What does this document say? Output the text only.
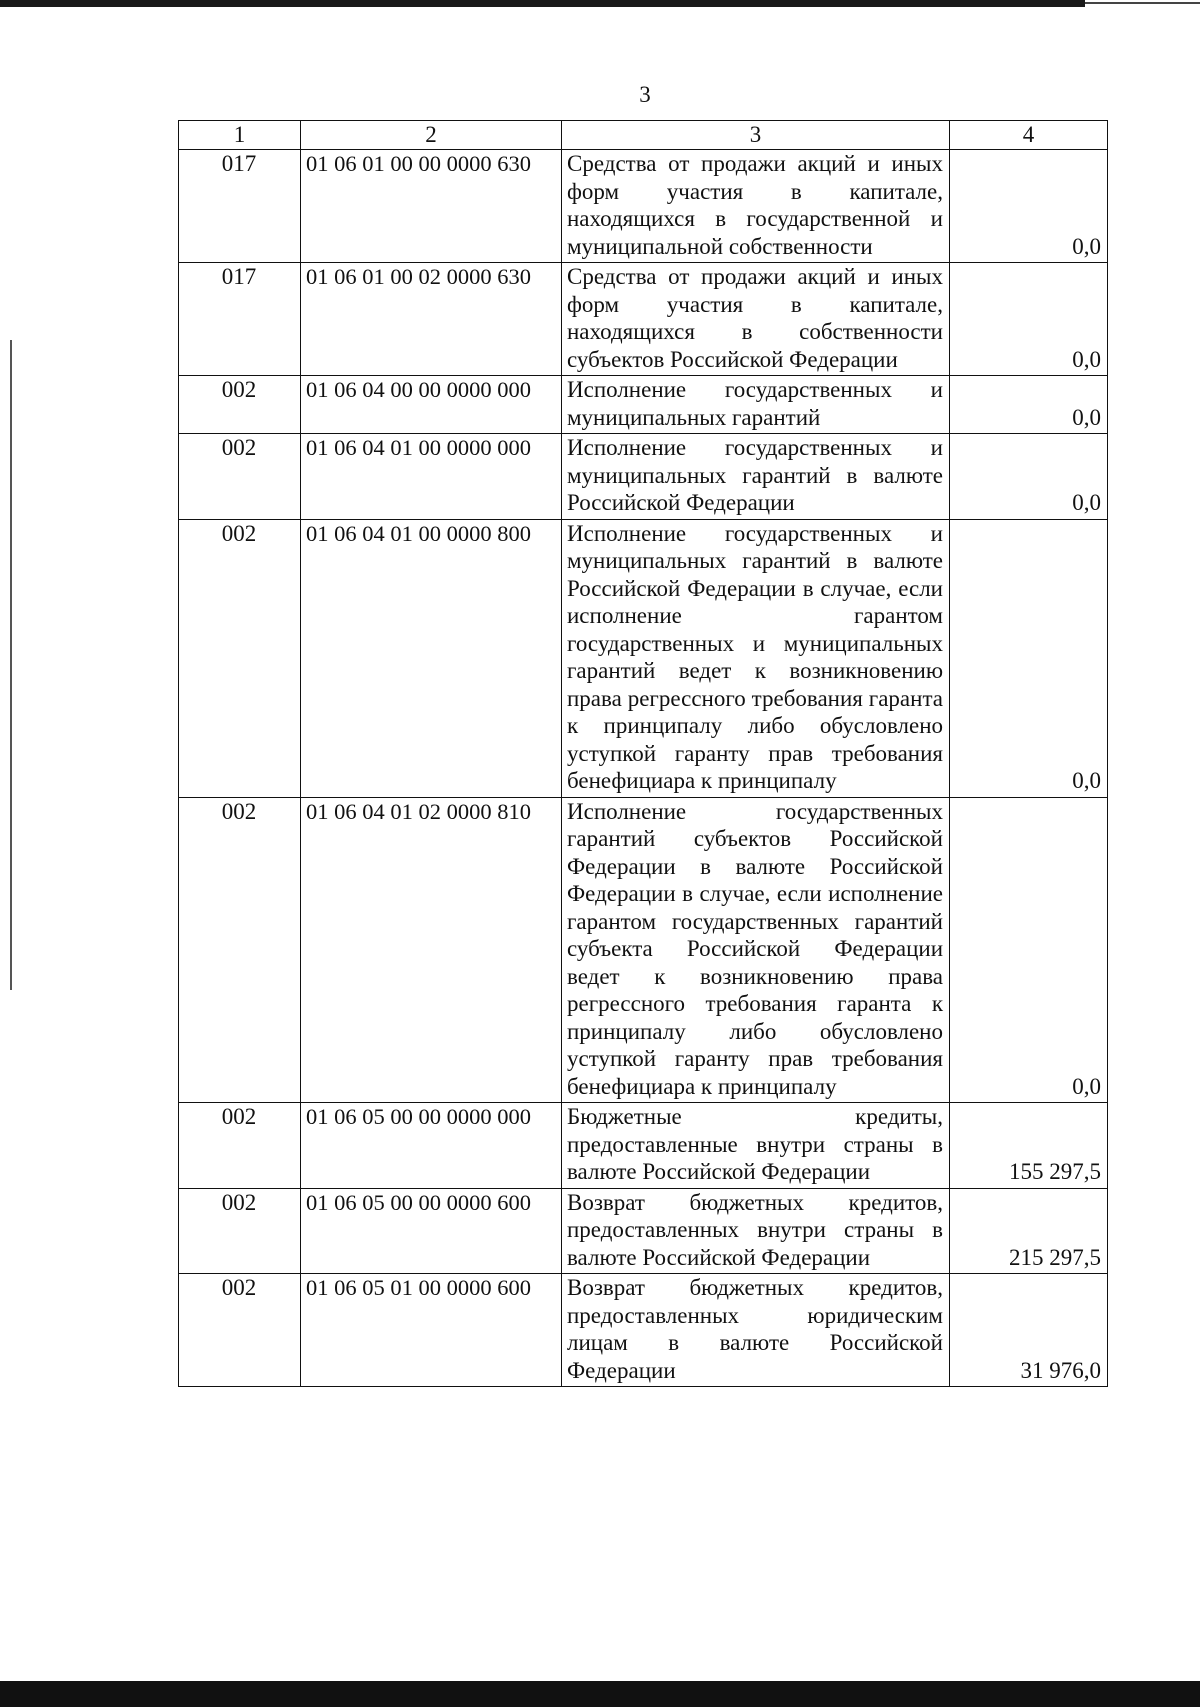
3
1	2	3	4
017	01 06 01 00 00 0000 630	Средства от продажи акций и иных форм участия в капитале, находящихся в государственной и муниципальной собственности	0,0
017	01 06 01 00 02 0000 630	Средства от продажи акций и иных форм участия в капитале, находящихся в собственности субъектов Российской Федерации	0,0
002	01 06 04 00 00 0000 000	Исполнение государственных и муниципальных гарантий	0,0
002	01 06 04 01 00 0000 000	Исполнение государственных и муниципальных гарантий в валюте Российской Федерации	0,0
002	01 06 04 01 00 0000 800	Исполнение государственных и муниципальных гарантий в валюте Российской Федерации в случае, если исполнение гарантом государственных и муниципальных гарантий ведет к возникновению права регрессного требования гаранта к принципалу либо обусловлено уступкой гаранту прав требования бенефициара к принципалу	0,0
002	01 06 04 01 02 0000 810	Исполнение государственных гарантий субъектов Российской Федерации в валюте Российской Федерации в случае, если исполнение гарантом государственных гарантий субъекта Российской Федерации ведет к возникновению права регрессного требования гаранта к принципалу либо обусловлено уступкой гаранту прав требования бенефициара к принципалу	0,0
002	01 06 05 00 00 0000 000	Бюджетные кредиты, предоставленные внутри страны в валюте Российской Федерации	155 297,5
002	01 06 05 00 00 0000 600	Возврат бюджетных кредитов, предоставленных внутри страны в валюте Российской Федерации	215 297,5
002	01 06 05 01 00 0000 600	Возврат бюджетных кредитов, предоставленных юридическим лицам в валюте Российской Федерации	31 976,0
